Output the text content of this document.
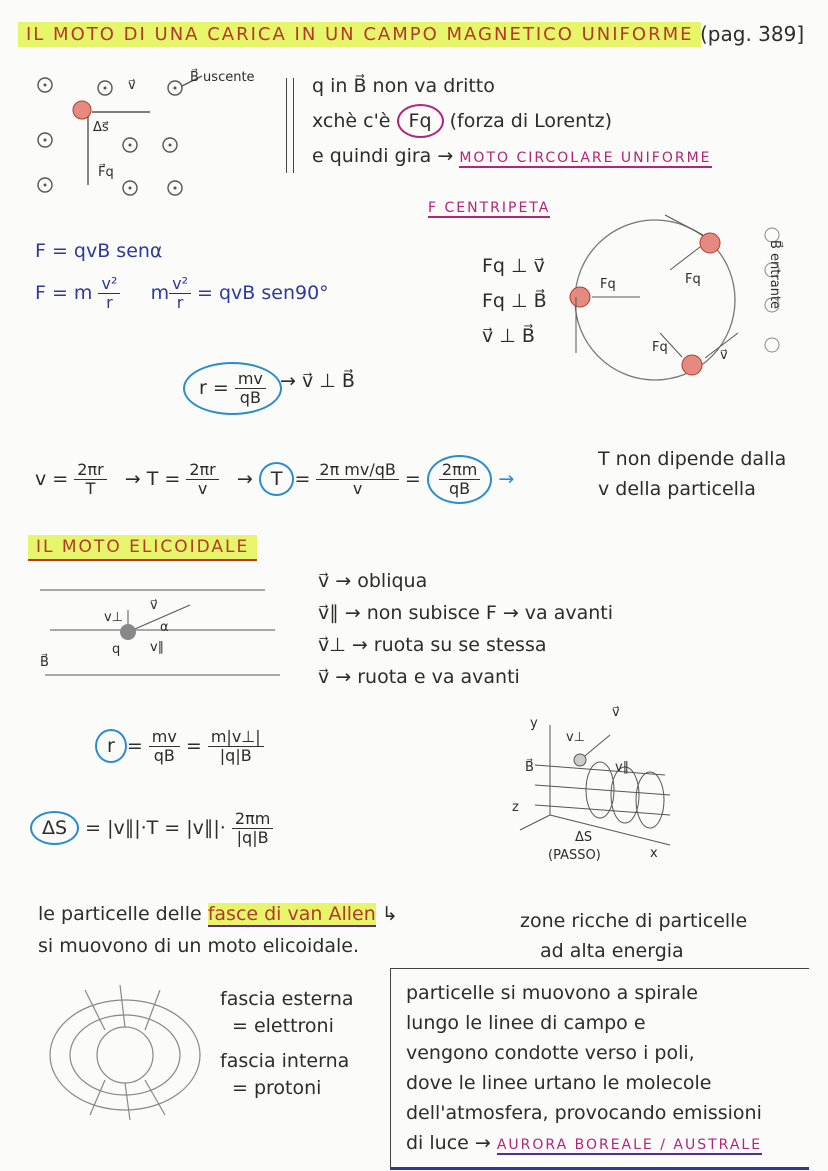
IL MOTO DI UNA CARICA IN UN CAMPO MAGNETICO UNIFORME (pag. 389]
v⃗
B⃗ uscente
Δs⃗
F⃗q
q in B⃗ non va dritto
xchè c'è Fq (forza di Lorentz)
e quindi gira → MOTO CIRCOLARE UNIFORME
F CENTRIPETA
F = qvB senα
F = m $\frac{\text{v²}}{r}$ m $\frac{\text{v²}}{r}$ = qvB sen90°
Fq ⊥ v⃗
Fq ⊥ B⃗
v⃗ ⊥ B⃗
Fq	Fq
Fq
v⃗
B⃗ entrante
$r = \frac{mv}{qB}$ → v⃗ ⊥ B⃗
$v = \frac{2\pi r}{T} \to T = \frac{2\pi r}{v} \to T = \frac{\text{2π mv/qB}}{v} = \frac{2\pi m}{qB}$ →
T non dipende dalla
v della particella
IL MOTO ELICOIDALE
v⊥
v⃗
α
q v∥
B⃗
v⃗ → obliqua
v⃗∥ → non subisce F → va avanti
v⃗⊥ → ruota su se stessa
v⃗ → ruota e va avanti
$r = \frac{mv}{qB} = \frac{m|v\perp|}{|q|B}$
ΔS = |v∥|·T = |v∥|· $\frac{2\pi m}{|q|B}$
y
z
x
B⃗
v⃗
v⊥
v∥
ΔS
(PASSO)
le particelle delle fasce di van Allen ↳
si muovono di un moto elicoidale.
zone ricche di particelle
ad alta energia
fascia esterna
= elettroni
fascia interna
= protoni
particelle si muovono a spirale
lungo le linee di campo e
vengono condotte verso i poli,
dove le linee urtano le molecole
dell'atmosfera, provocando emissioni
di luce → AURORA BOREALE / AUSTRALE
